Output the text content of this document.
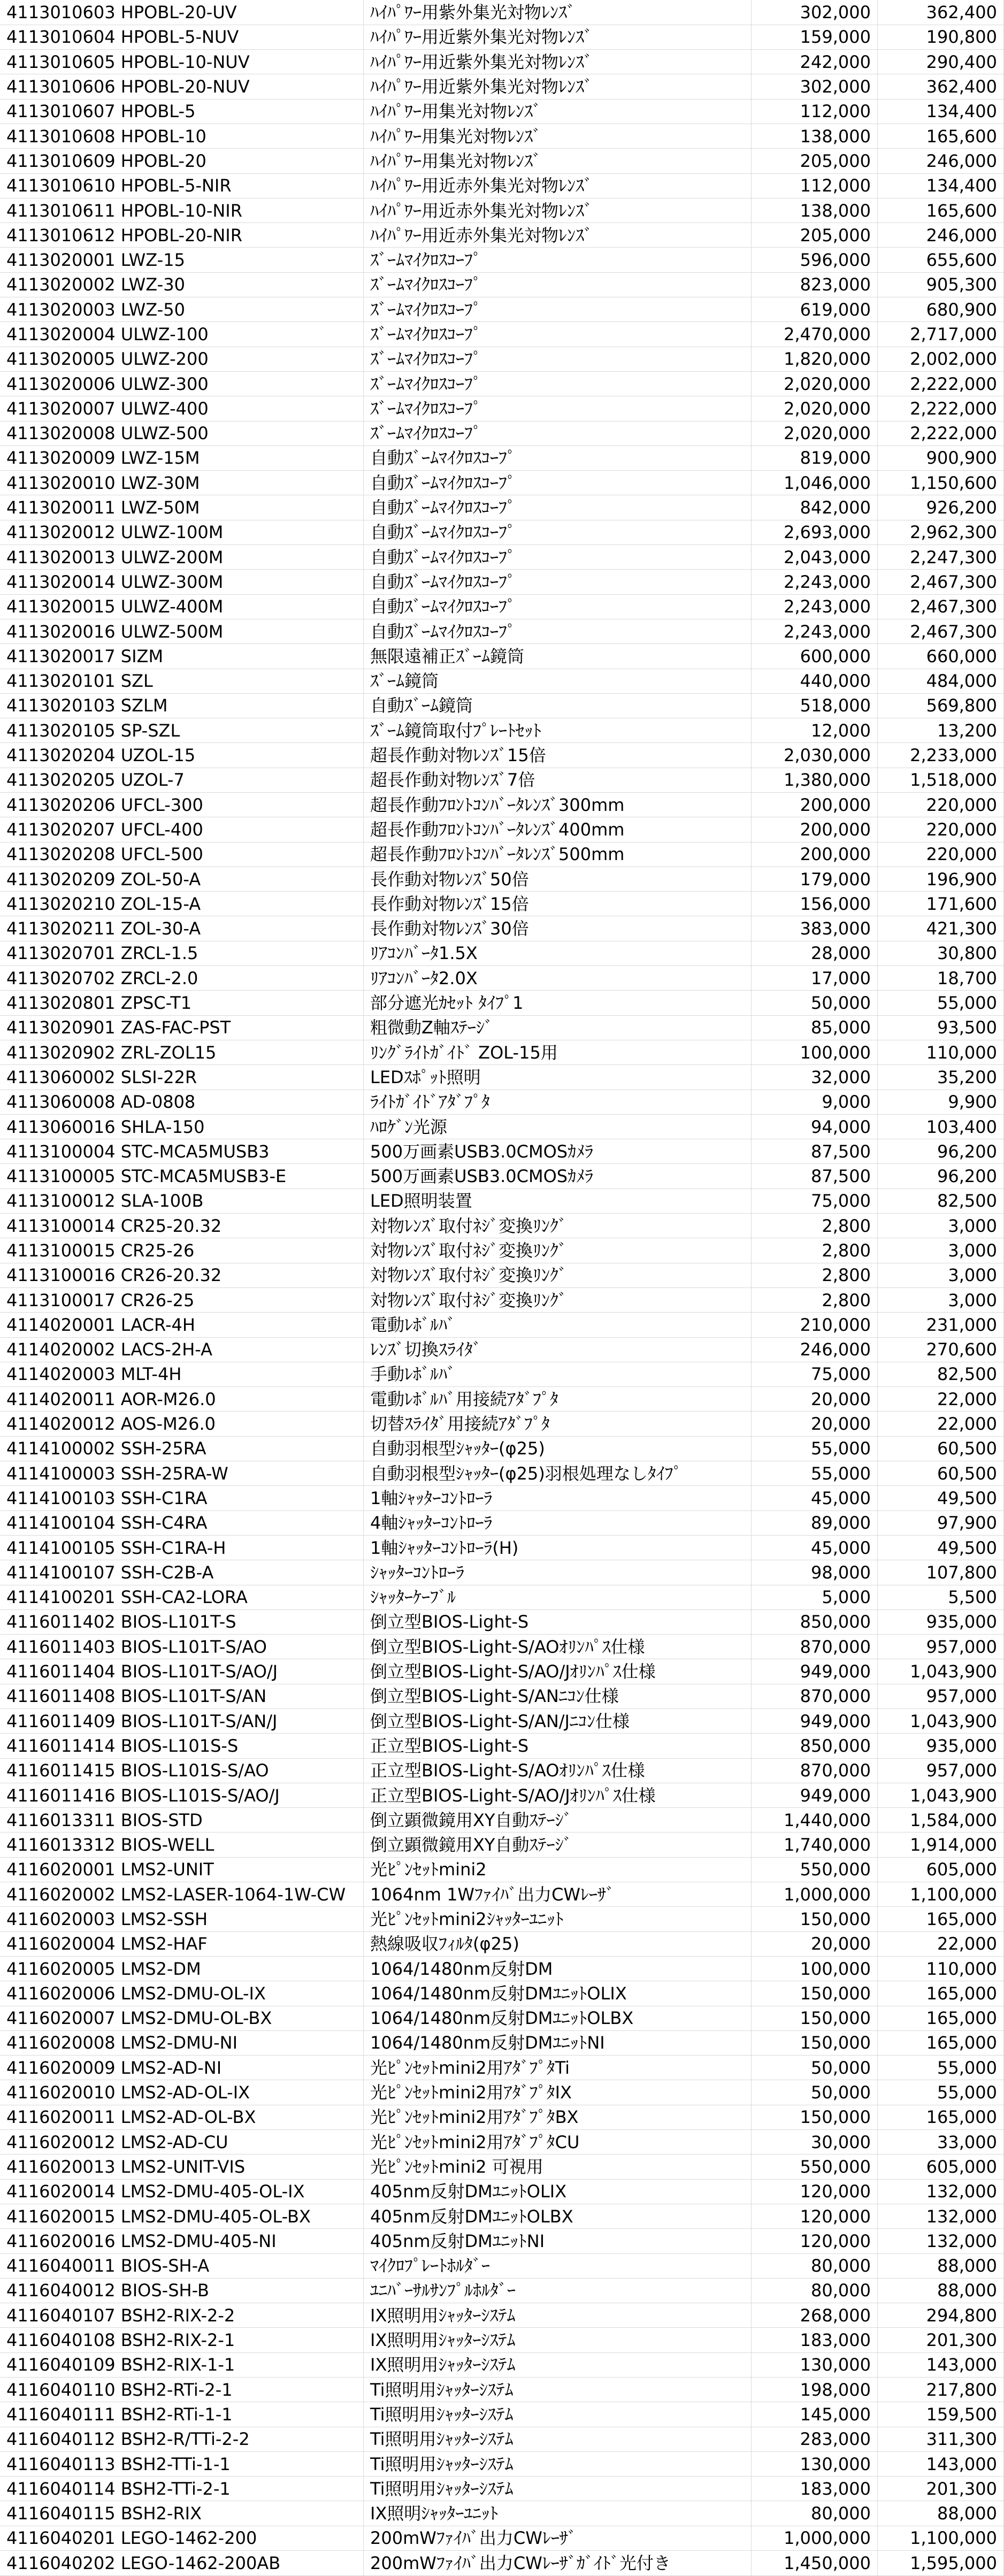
4113010603 HPOBL-20-UV	ﾊｲﾊﾟﾜｰ用紫外集光対物ﾚﾝｽﾞ	302,000	362,400
4113010604 HPOBL-5-NUV	ﾊｲﾊﾟﾜｰ用近紫外集光対物ﾚﾝｽﾞ	159,000	190,800
4113010605 HPOBL-10-NUV	ﾊｲﾊﾟﾜｰ用近紫外集光対物ﾚﾝｽﾞ	242,000	290,400
4113010606 HPOBL-20-NUV	ﾊｲﾊﾟﾜｰ用近紫外集光対物ﾚﾝｽﾞ	302,000	362,400
4113010607 HPOBL-5	ﾊｲﾊﾟﾜｰ用集光対物ﾚﾝｽﾞ	112,000	134,400
4113010608 HPOBL-10	ﾊｲﾊﾟﾜｰ用集光対物ﾚﾝｽﾞ	138,000	165,600
4113010609 HPOBL-20	ﾊｲﾊﾟﾜｰ用集光対物ﾚﾝｽﾞ	205,000	246,000
4113010610 HPOBL-5-NIR	ﾊｲﾊﾟﾜｰ用近赤外集光対物ﾚﾝｽﾞ	112,000	134,400
4113010611 HPOBL-10-NIR	ﾊｲﾊﾟﾜｰ用近赤外集光対物ﾚﾝｽﾞ	138,000	165,600
4113010612 HPOBL-20-NIR	ﾊｲﾊﾟﾜｰ用近赤外集光対物ﾚﾝｽﾞ	205,000	246,000
4113020001 LWZ-15	ｽﾞｰﾑﾏｲｸﾛｽｺｰﾌﾟ	596,000	655,600
4113020002 LWZ-30	ｽﾞｰﾑﾏｲｸﾛｽｺｰﾌﾟ	823,000	905,300
4113020003 LWZ-50	ｽﾞｰﾑﾏｲｸﾛｽｺｰﾌﾟ	619,000	680,900
4113020004 ULWZ-100	ｽﾞｰﾑﾏｲｸﾛｽｺｰﾌﾟ	2,470,000	2,717,000
4113020005 ULWZ-200	ｽﾞｰﾑﾏｲｸﾛｽｺｰﾌﾟ	1,820,000	2,002,000
4113020006 ULWZ-300	ｽﾞｰﾑﾏｲｸﾛｽｺｰﾌﾟ	2,020,000	2,222,000
4113020007 ULWZ-400	ｽﾞｰﾑﾏｲｸﾛｽｺｰﾌﾟ	2,020,000	2,222,000
4113020008 ULWZ-500	ｽﾞｰﾑﾏｲｸﾛｽｺｰﾌﾟ	2,020,000	2,222,000
4113020009 LWZ-15M	自動ｽﾞｰﾑﾏｲｸﾛｽｺｰﾌﾟ	819,000	900,900
4113020010 LWZ-30M	自動ｽﾞｰﾑﾏｲｸﾛｽｺｰﾌﾟ	1,046,000	1,150,600
4113020011 LWZ-50M	自動ｽﾞｰﾑﾏｲｸﾛｽｺｰﾌﾟ	842,000	926,200
4113020012 ULWZ-100M	自動ｽﾞｰﾑﾏｲｸﾛｽｺｰﾌﾟ	2,693,000	2,962,300
4113020013 ULWZ-200M	自動ｽﾞｰﾑﾏｲｸﾛｽｺｰﾌﾟ	2,043,000	2,247,300
4113020014 ULWZ-300M	自動ｽﾞｰﾑﾏｲｸﾛｽｺｰﾌﾟ	2,243,000	2,467,300
4113020015 ULWZ-400M	自動ｽﾞｰﾑﾏｲｸﾛｽｺｰﾌﾟ	2,243,000	2,467,300
4113020016 ULWZ-500M	自動ｽﾞｰﾑﾏｲｸﾛｽｺｰﾌﾟ	2,243,000	2,467,300
4113020017 SIZM	無限遠補正ｽﾞｰﾑ鏡筒	600,000	660,000
4113020101 SZL	ｽﾞｰﾑ鏡筒	440,000	484,000
4113020103 SZLM	自動ｽﾞｰﾑ鏡筒	518,000	569,800
4113020105 SP-SZL	ｽﾞｰﾑ鏡筒取付ﾌﾟﾚｰﾄｾｯﾄ	12,000	13,200
4113020204 UZOL-15	超長作動対物ﾚﾝｽﾞ15倍	2,030,000	2,233,000
4113020205 UZOL-7	超長作動対物ﾚﾝｽﾞ7倍	1,380,000	1,518,000
4113020206 UFCL-300	超長作動ﾌﾛﾝﾄｺﾝﾊﾞｰﾀﾚﾝｽﾞ300mm	200,000	220,000
4113020207 UFCL-400	超長作動ﾌﾛﾝﾄｺﾝﾊﾞｰﾀﾚﾝｽﾞ400mm	200,000	220,000
4113020208 UFCL-500	超長作動ﾌﾛﾝﾄｺﾝﾊﾞｰﾀﾚﾝｽﾞ500mm	200,000	220,000
4113020209 ZOL-50-A	長作動対物ﾚﾝｽﾞ50倍	179,000	196,900
4113020210 ZOL-15-A	長作動対物ﾚﾝｽﾞ15倍	156,000	171,600
4113020211 ZOL-30-A	長作動対物ﾚﾝｽﾞ30倍	383,000	421,300
4113020701 ZRCL-1.5	ﾘｱｺﾝﾊﾞｰﾀ1.5X	28,000	30,800
4113020702 ZRCL-2.0	ﾘｱｺﾝﾊﾞｰﾀ2.0X	17,000	18,700
4113020801 ZPSC-T1	部分遮光ｶｾｯﾄ ﾀｲﾌﾟ1	50,000	55,000
4113020901 ZAS-FAC-PST	粗微動Z軸ｽﾃｰｼﾞ	85,000	93,500
4113020902 ZRL-ZOL15	ﾘﾝｸﾞﾗｲﾄｶﾞｲﾄﾞ ZOL-15用	100,000	110,000
4113060002 SLSI-22R	LEDｽﾎﾟｯﾄ照明	32,000	35,200
4113060008 AD-0808	ﾗｲﾄｶﾞｲﾄﾞｱﾀﾞﾌﾟﾀ	9,000	9,900
4113060016 SHLA-150	ﾊﾛｹﾞﾝ光源	94,000	103,400
4113100004 STC-MCA5MUSB3	500万画素USB3.0CMOSｶﾒﾗ	87,500	96,200
4113100005 STC-MCA5MUSB3-E	500万画素USB3.0CMOSｶﾒﾗ	87,500	96,200
4113100012 SLA-100B	LED照明装置	75,000	82,500
4113100014 CR25-20.32	対物ﾚﾝｽﾞ取付ﾈｼﾞ変換ﾘﾝｸﾞ	2,800	3,000
4113100015 CR25-26	対物ﾚﾝｽﾞ取付ﾈｼﾞ変換ﾘﾝｸﾞ	2,800	3,000
4113100016 CR26-20.32	対物ﾚﾝｽﾞ取付ﾈｼﾞ変換ﾘﾝｸﾞ	2,800	3,000
4113100017 CR26-25	対物ﾚﾝｽﾞ取付ﾈｼﾞ変換ﾘﾝｸﾞ	2,800	3,000
4114020001 LACR-4H	電動ﾚﾎﾞﾙﾊﾞ	210,000	231,000
4114020002 LACS-2H-A	ﾚﾝｽﾞ切換ｽﾗｲﾀﾞ	246,000	270,600
4114020003 MLT-4H	手動ﾚﾎﾞﾙﾊﾞ	75,000	82,500
4114020011 AOR-M26.0	電動ﾚﾎﾞﾙﾊﾞ用接続ｱﾀﾞﾌﾟﾀ	20,000	22,000
4114020012 AOS-M26.0	切替ｽﾗｲﾀﾞ用接続ｱﾀﾞﾌﾟﾀ	20,000	22,000
4114100002 SSH-25RA	自動羽根型ｼｬｯﾀｰ(φ25)	55,000	60,500
4114100003 SSH-25RA-W	自動羽根型ｼｬｯﾀｰ(φ25)羽根処理なしﾀｲﾌﾟ	55,000	60,500
4114100103 SSH-C1RA	1軸ｼｬｯﾀｰｺﾝﾄﾛｰﾗ	45,000	49,500
4114100104 SSH-C4RA	4軸ｼｬｯﾀｰｺﾝﾄﾛｰﾗ	89,000	97,900
4114100105 SSH-C1RA-H	1軸ｼｬｯﾀｰｺﾝﾄﾛｰﾗ(H)	45,000	49,500
4114100107 SSH-C2B-A	ｼｬｯﾀｰｺﾝﾄﾛｰﾗ	98,000	107,800
4114100201 SSH-CA2-LORA	ｼｬｯﾀｰｹｰﾌﾞﾙ	5,000	5,500
4116011402 BIOS-L101T-S	倒立型BIOS-Light-S	850,000	935,000
4116011403 BIOS-L101T-S/AO	倒立型BIOS-Light-S/AOｵﾘﾝﾊﾟｽ仕様	870,000	957,000
4116011404 BIOS-L101T-S/AO/J	倒立型BIOS-Light-S/AO/Jｵﾘﾝﾊﾟｽ仕様	949,000	1,043,900
4116011408 BIOS-L101T-S/AN	倒立型BIOS-Light-S/ANﾆｺﾝ仕様	870,000	957,000
4116011409 BIOS-L101T-S/AN/J	倒立型BIOS-Light-S/AN/Jﾆｺﾝ仕様	949,000	1,043,900
4116011414 BIOS-L101S-S	正立型BIOS-Light-S	850,000	935,000
4116011415 BIOS-L101S-S/AO	正立型BIOS-Light-S/AOｵﾘﾝﾊﾟｽ仕様	870,000	957,000
4116011416 BIOS-L101S-S/AO/J	正立型BIOS-Light-S/AO/Jｵﾘﾝﾊﾟｽ仕様	949,000	1,043,900
4116013311 BIOS-STD	倒立顕微鏡用XY自動ｽﾃｰｼﾞ	1,440,000	1,584,000
4116013312 BIOS-WELL	倒立顕微鏡用XY自動ｽﾃｰｼﾞ	1,740,000	1,914,000
4116020001 LMS2-UNIT	光ﾋﾟﾝｾｯﾄmini2	550,000	605,000
4116020002 LMS2-LASER-1064-1W-CW	1064nm 1Wﾌｧｲﾊﾞ出力CWﾚｰｻﾞ	1,000,000	1,100,000
4116020003 LMS2-SSH	光ﾋﾟﾝｾｯﾄmini2ｼｬｯﾀｰﾕﾆｯﾄ	150,000	165,000
4116020004 LMS2-HAF	熱線吸収ﾌｨﾙﾀ(φ25)	20,000	22,000
4116020005 LMS2-DM	1064/1480nm反射DM	100,000	110,000
4116020006 LMS2-DMU-OL-IX	1064/1480nm反射DMﾕﾆｯﾄOLIX	150,000	165,000
4116020007 LMS2-DMU-OL-BX	1064/1480nm反射DMﾕﾆｯﾄOLBX	150,000	165,000
4116020008 LMS2-DMU-NI	1064/1480nm反射DMﾕﾆｯﾄNI	150,000	165,000
4116020009 LMS2-AD-NI	光ﾋﾟﾝｾｯﾄmini2用ｱﾀﾞﾌﾟﾀTi	50,000	55,000
4116020010 LMS2-AD-OL-IX	光ﾋﾟﾝｾｯﾄmini2用ｱﾀﾞﾌﾟﾀIX	50,000	55,000
4116020011 LMS2-AD-OL-BX	光ﾋﾟﾝｾｯﾄmini2用ｱﾀﾞﾌﾟﾀBX	150,000	165,000
4116020012 LMS2-AD-CU	光ﾋﾟﾝｾｯﾄmini2用ｱﾀﾞﾌﾟﾀCU	30,000	33,000
4116020013 LMS2-UNIT-VIS	光ﾋﾟﾝｾｯﾄmini2 可視用	550,000	605,000
4116020014 LMS2-DMU-405-OL-IX	405nm反射DMﾕﾆｯﾄOLIX	120,000	132,000
4116020015 LMS2-DMU-405-OL-BX	405nm反射DMﾕﾆｯﾄOLBX	120,000	132,000
4116020016 LMS2-DMU-405-NI	405nm反射DMﾕﾆｯﾄNI	120,000	132,000
4116040011 BIOS-SH-A	ﾏｲｸﾛﾌﾟﾚｰﾄﾎﾙﾀﾞｰ	80,000	88,000
4116040012 BIOS-SH-B	ﾕﾆﾊﾞｰｻﾙｻﾝﾌﾟﾙﾎﾙﾀﾞｰ	80,000	88,000
4116040107 BSH2-RIX-2-2	IX照明用ｼｬｯﾀｰｼｽﾃﾑ	268,000	294,800
4116040108 BSH2-RIX-2-1	IX照明用ｼｬｯﾀｰｼｽﾃﾑ	183,000	201,300
4116040109 BSH2-RIX-1-1	IX照明用ｼｬｯﾀｰｼｽﾃﾑ	130,000	143,000
4116040110 BSH2-RTi-2-1	Ti照明用ｼｬｯﾀｰｼｽﾃﾑ	198,000	217,800
4116040111 BSH2-RTi-1-1	Ti照明用ｼｬｯﾀｰｼｽﾃﾑ	145,000	159,500
4116040112 BSH2-R/TTi-2-2	Ti照明用ｼｬｯﾀｰｼｽﾃﾑ	283,000	311,300
4116040113 BSH2-TTi-1-1	Ti照明用ｼｬｯﾀｰｼｽﾃﾑ	130,000	143,000
4116040114 BSH2-TTi-2-1	Ti照明用ｼｬｯﾀｰｼｽﾃﾑ	183,000	201,300
4116040115 BSH2-RIX	IX照明ｼｬｯﾀｰﾕﾆｯﾄ	80,000	88,000
4116040201 LEGO-1462-200	200mWﾌｧｲﾊﾞ出力CWﾚｰｻﾞ	1,000,000	1,100,000
4116040202 LEGO-1462-200AB	200mWﾌｧｲﾊﾞ出力CWﾚｰｻﾞｶﾞｲﾄﾞ光付き	1,450,000	1,595,000
